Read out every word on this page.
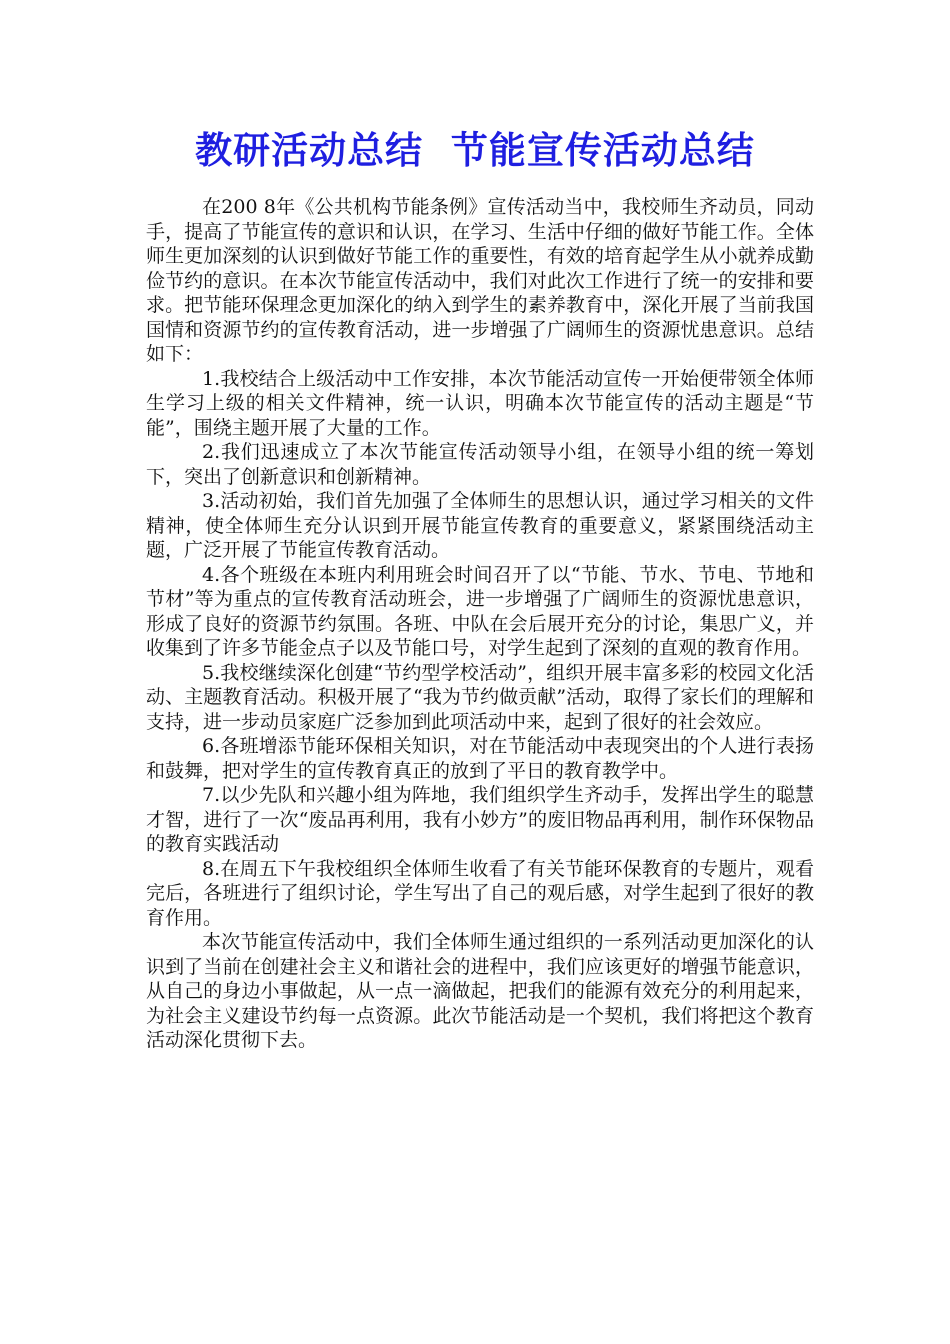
教研活动总结  节能宣传活动总结

在200 8年《公共机构节能条例》宣传活动当中，我校师生齐动员，同动手，提高了节能宣传的意识和认识，在学习、生活中仔细的做好节能工作。全体师生更加深刻的认识到做好节能工作的重要性，有效的培育起学生从小就养成勤俭节约的意识。在本次节能宣传活动中，我们对此次工作进行了统一的安排和要求。把节能环保理念更加深化的纳入到学生的素养教育中，深化开展了当前我国国情和资源节约的宣传教育活动，进一步增强了广阔师生的资源忧患意识。总结如下：

1.我校结合上级活动中工作安排，本次节能活动宣传一开始便带领全体师生学习上级的相关文件精神，统一认识，明确本次节能宣传的活动主题是“节能”，围绕主题开展了大量的工作。

2.我们迅速成立了本次节能宣传活动领导小组，在领导小组的统一筹划下，突出了创新意识和创新精神。

3.活动初始，我们首先加强了全体师生的思想认识，通过学习相关的文件精神，使全体师生充分认识到开展节能宣传教育的重要意义，紧紧围绕活动主题，广泛开展了节能宣传教育活动。

4.各个班级在本班内利用班会时间召开了以“节能、节水、节电、节地和节材”等为重点的宣传教育活动班会，进一步增强了广阔师生的资源忧患意识，形成了良好的资源节约氛围。各班、中队在会后展开充分的讨论，集思广义，并收集到了许多节能金点子以及节能口号，对学生起到了深刻的直观的教育作用。

5.我校继续深化创建“节约型学校活动”，组织开展丰富多彩的校园文化活动、主题教育活动。积极开展了“我为节约做贡献”活动，取得了家长们的理解和支持，进一步动员家庭广泛参加到此项活动中来，起到了很好的社会效应。

6.各班增添节能环保相关知识，对在节能活动中表现突出的个人进行表扬和鼓舞，把对学生的宣传教育真正的放到了平日的教育教学中。

7.以少先队和兴趣小组为阵地，我们组织学生齐动手，发挥出学生的聪慧才智，进行了一次“废品再利用，我有小妙方”的废旧物品再利用，制作环保物品的教育实践活动

8.在周五下午我校组织全体师生收看了有关节能环保教育的专题片，观看完后，各班进行了组织讨论，学生写出了自己的观后感，对学生起到了很好的教育作用。

本次节能宣传活动中，我们全体师生通过组织的一系列活动更加深化的认识到了当前在创建社会主义和谐社会的进程中，我们应该更好的增强节能意识，从自己的身边小事做起，从一点一滴做起，把我们的能源有效充分的利用起来，为社会主义建设节约每一点资源。此次节能活动是一个契机，我们将把这个教育活动深化贯彻下去。
